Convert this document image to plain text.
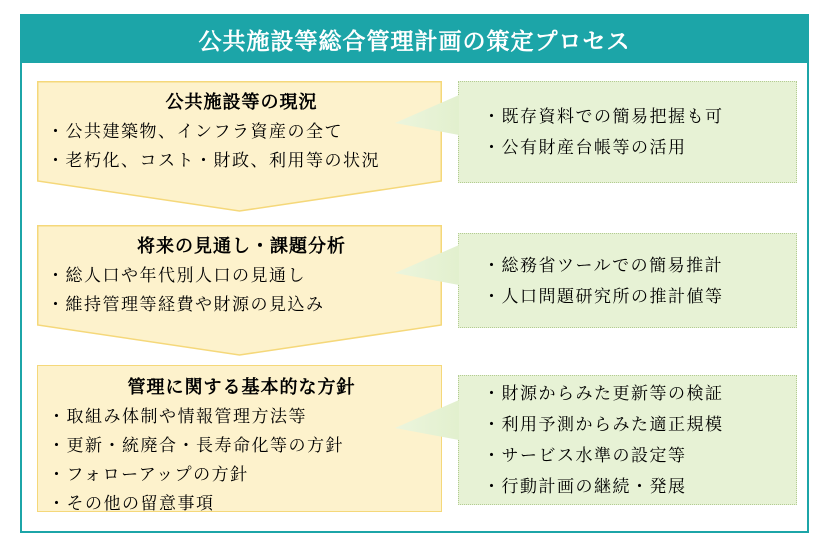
公共施設等総合管理計画の策定プロセス
公共施設等の現況
・公共建築物、インフラ資産の全て
・老朽化、コスト・財政、利用等の状況
将来の見通し・課題分析
・総人口や年代別人口の見通し
・維持管理等経費や財源の見込み
管理に関する基本的な方針
・取組み体制や情報管理方法等
・更新・統廃合・長寿命化等の方針
・フォローアップの方針
・その他の留意事項
・既存資料での簡易把握も可
・公有財産台帳等の活用
・総務省ツールでの簡易推計
・人口問題研究所の推計値等
・財源からみた更新等の検証
・利用予測からみた適正規模
・サービス水準の設定等
・行動計画の継続・発展
